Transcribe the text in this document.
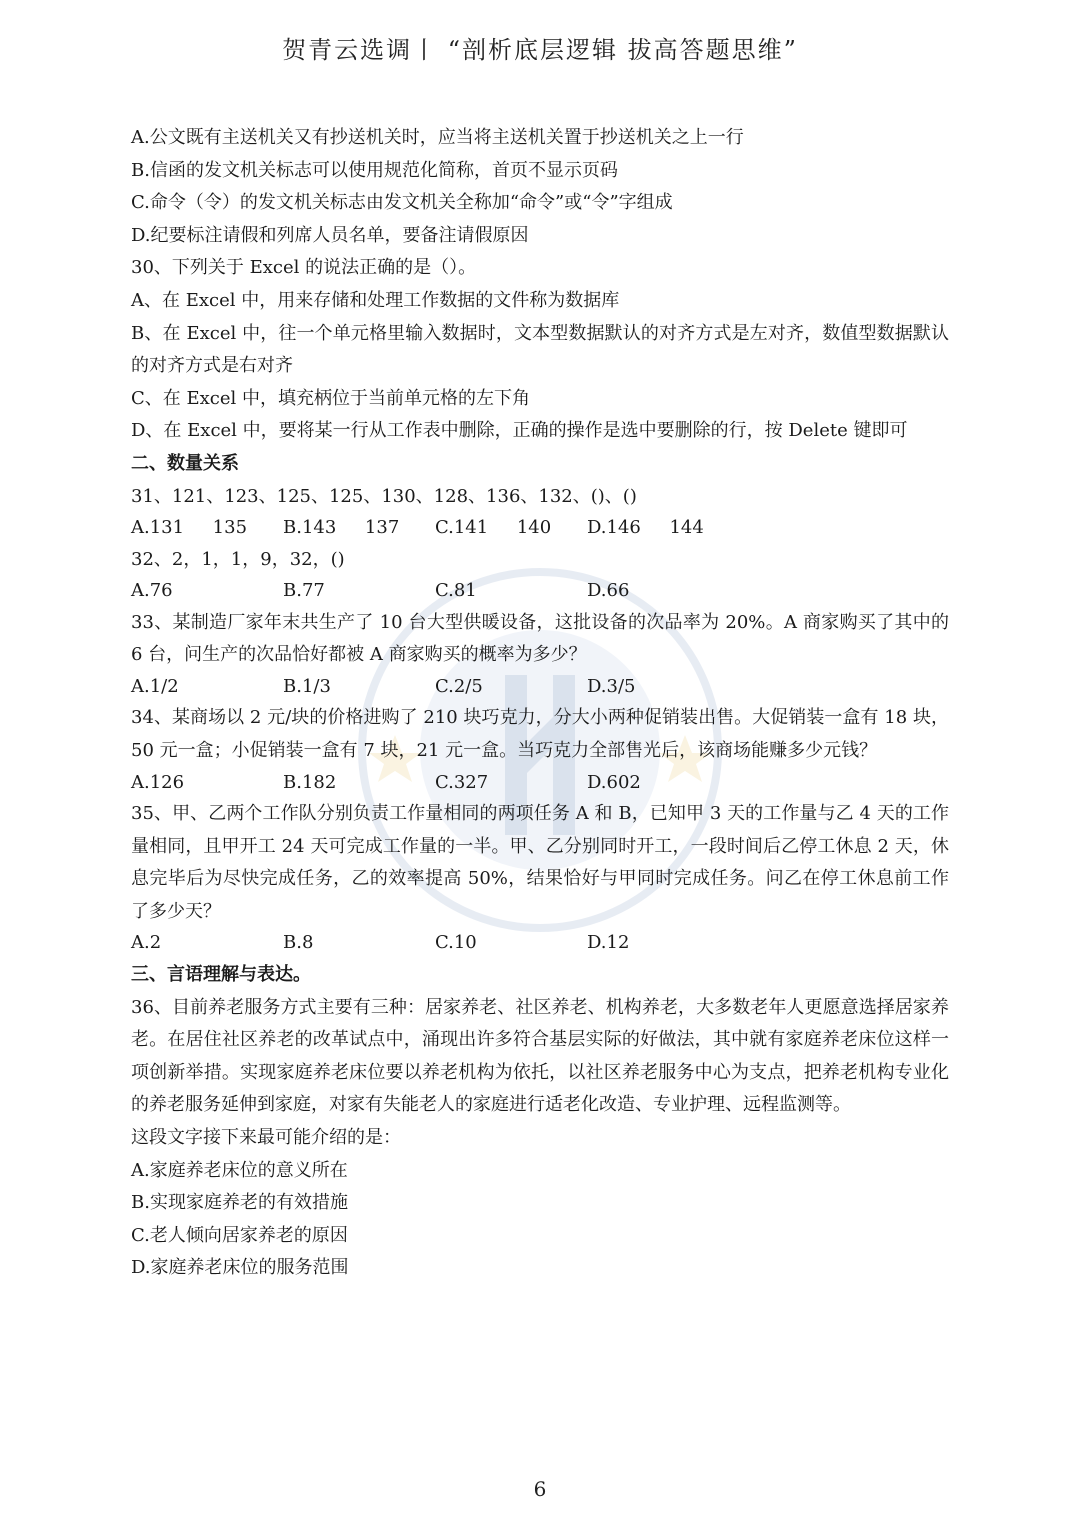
贺青云选调丨 “剖析底层逻辑 拔高答题思维”
A.公文既有主送机关又有抄送机关时，应当将主送机关置于抄送机关之上一行
B.信函的发文机关标志可以使用规范化简称，首页不显示页码
C.命令（令）的发文机关标志由发文机关全称加“命令”或“令”字组成
D.纪要标注请假和列席人员名单，要备注请假原因
30、下列关于 Excel 的说法正确的是（）。
A、在 Excel 中，用来存储和处理工作数据的文件称为数据库
B、在 Excel 中，往一个单元格里输入数据时，文本型数据默认的对齐方式是左对齐，数值型数据默认的对齐方式是右对齐
C、在 Excel 中，填充柄位于当前单元格的左下角
D、在 Excel 中，要将某一行从工作表中删除，正确的操作是选中要删除的行，按 Delete 键即可
二、数量关系
31、121、123、125、125、130、128、136、132、()、()
A.131     135	B.143     137	C.141     140	D.146     144
32、2，1，1，9，32，()
A.76	B.77	C.81	D.66
33、某制造厂家年末共生产了 10 台大型供暖设备，这批设备的次品率为 20%。A 商家购买了其中的 6 台，问生产的次品恰好都被 A 商家购买的概率为多少？
A.1/2	B.1/3	C.2/5	D.3/5
34、某商场以 2 元/块的价格进购了 210 块巧克力，分大小两种促销装出售。大促销装一盒有 18 块，50 元一盒；小促销装一盒有 7 块，21 元一盒。当巧克力全部售光后，该商场能赚多少元钱？
A.126	B.182	C.327	D.602
35、甲、乙两个工作队分别负责工作量相同的两项任务 A 和 B，已知甲 3 天的工作量与乙 4 天的工作量相同，且甲开工 24 天可完成工作量的一半。甲、乙分别同时开工，一段时间后乙停工休息 2 天，休息完毕后为尽快完成任务，乙的效率提高 50%，结果恰好与甲同时完成任务。问乙在停工休息前工作了多少天？
A.2	B.8	C.10	D.12
三、言语理解与表达。
36、目前养老服务方式主要有三种：居家养老、社区养老、机构养老，大多数老年人更愿意选择居家养老。在居住社区养老的改革试点中，涌现出许多符合基层实际的好做法，其中就有家庭养老床位这样一项创新举措。实现家庭养老床位要以养老机构为依托，以社区养老服务中心为支点，把养老机构专业化的养老服务延伸到家庭，对家有失能老人的家庭进行适老化改造、专业护理、远程监测等。
这段文字接下来最可能介绍的是：
A.家庭养老床位的意义所在
B.实现家庭养老的有效措施
C.老人倾向居家养老的原因
D.家庭养老床位的服务范围
6
